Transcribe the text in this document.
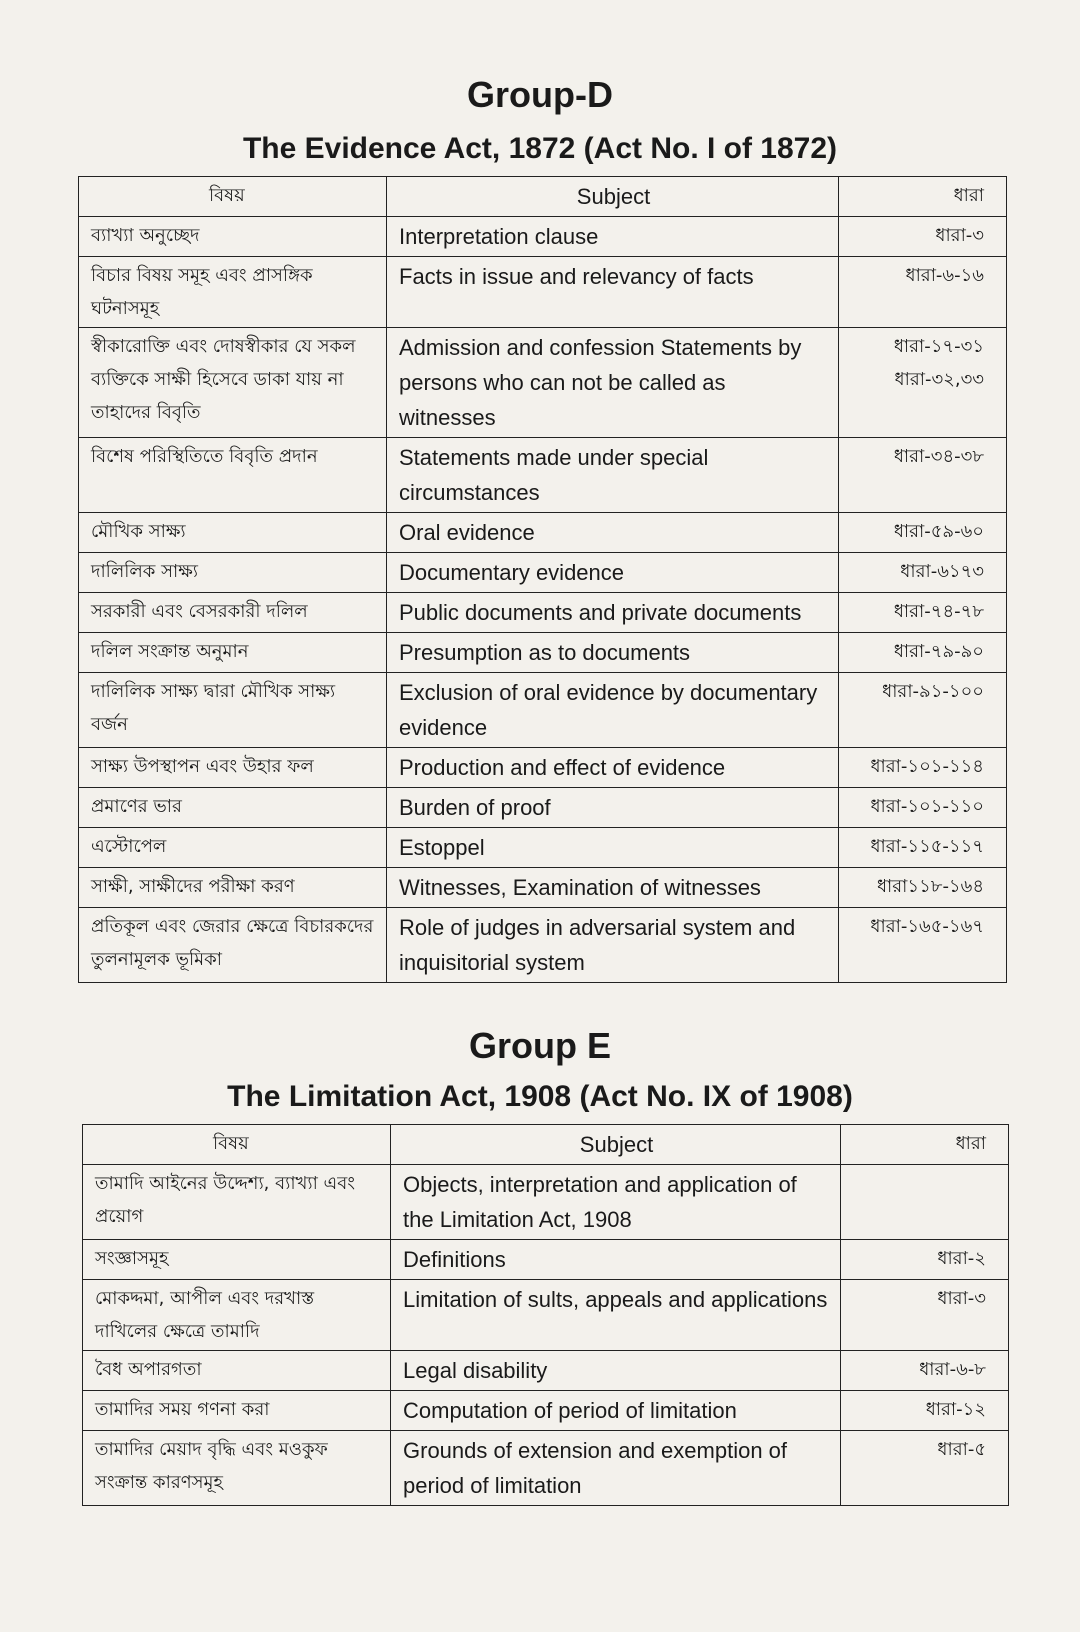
Group-D
The Evidence Act, 1872 (Act No. I of 1872)
বিষয়	Subject	ধারা
ব্যাখ্যা অনুচ্ছেদ	Interpretation clause	ধারা-৩

বিচার বিষয় সমূহ এবং প্রাসঙ্গিক ঘটনাসমূহ	Facts in issue and relevancy of facts	ধারা-৬-১৬

স্বীকারোক্তি এবং দোষস্বীকার যে সকল ব্যক্তিকে সাক্ষী হিসেবে ডাকা যায় না তাহাদের বিবৃতি	Admission and confession Statements by persons who can not be called as witnesses	ধারা-১৭-৩১
ধারা-৩২,৩৩

বিশেষ পরিস্থিতিতে বিবৃতি প্রদান	Statements made under special circumstances	ধারা-৩৪-৩৮

মৌখিক সাক্ষ্য	Oral evidence	ধারা-৫৯-৬০

দালিলিক সাক্ষ্য	Documentary evidence	ধারা-৬১৭৩

সরকারী এবং বেসরকারী দলিল	Public documents and private documents	ধারা-৭৪-৭৮

দলিল সংক্রান্ত অনুমান	Presumption as to documents	ধারা-৭৯-৯০

দালিলিক সাক্ষ্য দ্বারা মৌখিক সাক্ষ্য বর্জন	Exclusion of oral evidence by documentary evidence	ধারা-৯১-১০০

সাক্ষ্য উপস্থাপন এবং উহার ফল	Production and effect of evidence	ধারা-১০১-১১৪

প্রমাণের ভার	Burden of proof	ধারা-১০১-১১০

এস্টোপেল	Estoppel	ধারা-১১৫-১১৭

সাক্ষী, সাক্ষীদের পরীক্ষা করণ	Witnesses, Examination of witnesses	ধারা১১৮-১৬৪

প্রতিকূল এবং জেরার ক্ষেত্রে বিচারকদের তুলনামূলক ভূমিকা	Role of judges in adversarial system and inquisitorial system	ধারা-১৬৫-১৬৭
Group E
The Limitation Act, 1908 (Act No. IX of 1908)
বিষয়	Subject	ধারা
তামাদি আইনের উদ্দেশ্য, ব্যাখ্যা এবং প্রয়োগ	Objects, interpretation and application of the Limitation Act, 1908	

সংজ্ঞাসমূহ	Definitions	ধারা-২

মোকদ্দমা, আপীল এবং দরখাস্ত দাখিলের ক্ষেত্রে তামাদি	Limitation of sults, appeals and applications	ধারা-৩

বৈধ অপারগতা	Legal disability	ধারা-৬-৮

তামাদির সময় গণনা করা	Computation of period of limitation	ধারা-১২

তামাদির মেয়াদ বৃদ্ধি এবং মওকুফ সংক্রান্ত কারণসমূহ	Grounds of extension and exemption of period of limitation	ধারা-৫
